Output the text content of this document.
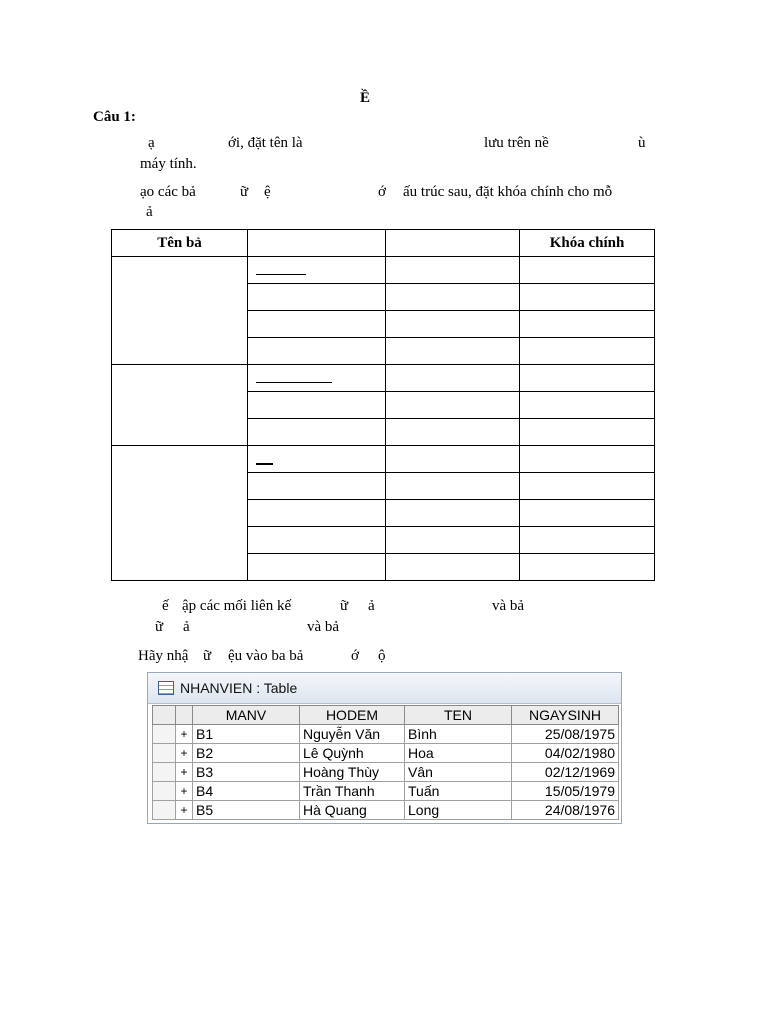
Ề
Câu 1:
ạ	ới, đặt tên là	lưu trên nề	ù
máy tính.
ạo các bả	ữ ệ	ớ ấu trúc sau, đặt khóa chính cho mỗ
ả
Tên bả			Khóa chính

ế ập các mối liên kế	ữ ả	và bả
ữ ả	và bả
Hãy nhậ ữ ệu vào ba bả	ớ ộ
NHANVIEN : Table
		MANV	HODEM	TEN	NGAYSINH
	+	B1	Nguyễn Văn	Bình	25/08/1975
	+	B2	Lê Quỳnh	Hoa	04/02/1980
	+	B3	Hoàng Thùy	Vân	02/12/1969
	+	B4	Trần Thanh	Tuấn	15/05/1979
	+	B5	Hà Quang	Long	24/08/1976
